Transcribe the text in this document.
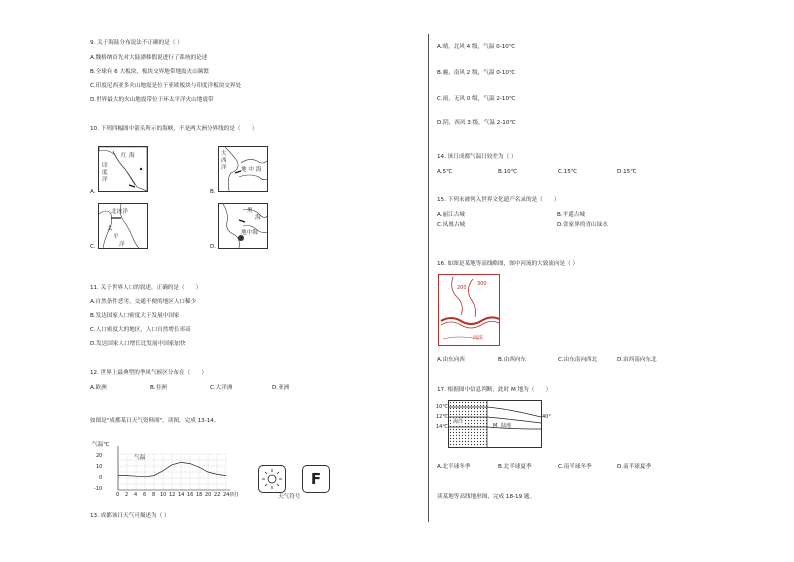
9. 关于海陆分布说法不正确的是（ ）
A.魏格纳首先对大陆漂移假说进行了系统的论述
B.全球有 6 大板块，板块交界地带地震火山频繁
C.印度尼西亚多火山地震是位于亚欧板块与印度洋板块交界处
D.世界最大的火山地震带位于环太平洋火山地震带
10. 下列四幅图中箭头所示的海峡，不是两大洲分界线的是（　　）
红 海
印
度
洋
A.
大
西
洋	地 中 海
B.
北冰洋
太
平
洋
C.
黑
海
地中海
D.
11. 关于世界人口的叙述，正确的是（　　）
A.自然条件恶劣，交通不便的地区人口稀少
B.发达国家人口密度大于发展中国家
C.人口密度大的地区，人口自然增长率高
D.发达国家人口增长比发展中国家加快
12. 世界上最典型的季风气候区分布在（　　）
A.欧洲	B.非洲	C.大洋洲	D.亚洲
如图是"成都某日天气资料图"，读图，完成 13-14。
气温℃
气温
20
10
0
-10
0 2 4 6 8 10 12 14 16 18 20 22 24(时)
F
天气符号
13. 成都该日天气可描述为（ ）
A.晴，北风 4 级，气温 0-10℃
B.霾，南风 2 级，气温 0-10℃
C.雨，无风 0 级，气温 2-10℃
D.阴，西风 3 级，气温 2-10℃
14. 该日成都气温日较差为（ ）
A.5℃	B.10℃	C.15℃	D.15℃
15. 下列未被列入世界文化遗产名录的是（　　）
A.丽江古城	B.平遥古城
C.凤凰古城	D.张家界的青山绿水
16. 如图是某地等高线略图，图中河流的大致流向是（ ）
200
300
河流
A.由东向西	B.由西向东	C.由东南向西北	D.由西南向东北
17. 根据图中信息判断，此时 M 地为（　　）
海洋
M 陆地
10℃
12℃
14℃
40°
A.北半球冬季	B.北半球夏季	C.南半球冬季	D.南半球夏季
读某地等高线地形图，完成 18-19 题。
